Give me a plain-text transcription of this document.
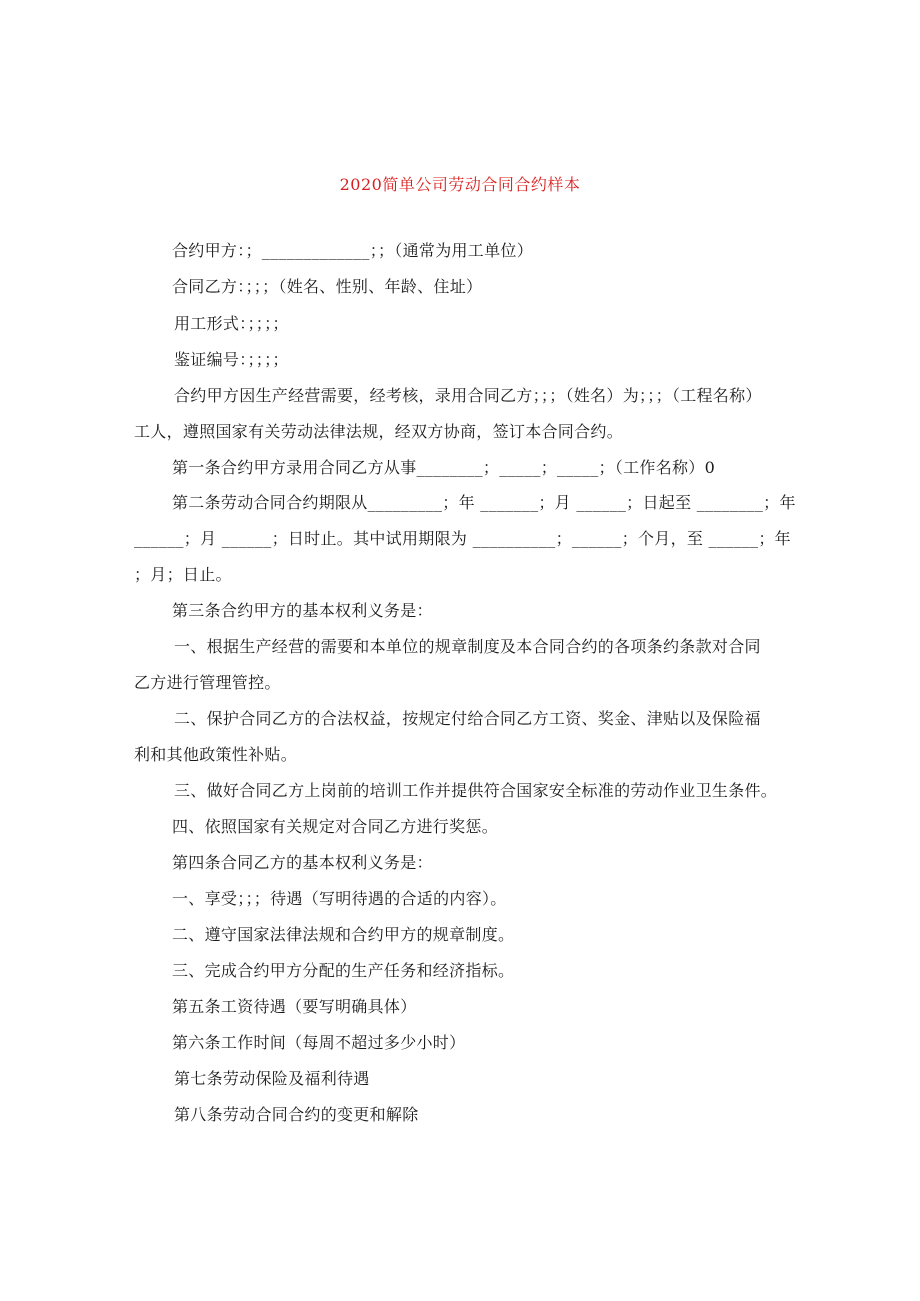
2020简单公司劳动合同合约样本
合约甲方：；_____________；；（通常为用工单位）
合同乙方：；；；（姓名、性别、年龄、住址）
用工形式：；；；；
鉴证编号：；；；；
合约甲方因生产经营需要，经考核，录用合同乙方；；；（姓名）为；；；（工程名称）
工人，遵照国家有关劳动法律法规，经双方协商，签订本合同合约。
第一条合约甲方录用合同乙方从事________；_____；_____；（工作名称）0
第二条劳动合同合约期限从_________；年 _______；月 ______；日起至 ________；年
______；月 ______；日时止。其中试用期限为 __________；______；个月，至 ______；年
；月；日止。
第三条合约甲方的基本权利义务是：
一、根据生产经营的需要和本单位的规章制度及本合同合约的各项条约条款对合同
乙方进行管理管控。
二、保护合同乙方的合法权益，按规定付给合同乙方工资、奖金、津贴以及保险福
利和其他政策性补贴。
三、做好合同乙方上岗前的培训工作并提供符合国家安全标准的劳动作业卫生条件。
四、依照国家有关规定对合同乙方进行奖惩。
第四条合同乙方的基本权利义务是：
一、享受；；；待遇（写明待遇的合适的内容）。
二、遵守国家法律法规和合约甲方的规章制度。
三、完成合约甲方分配的生产任务和经济指标。
第五条工资待遇（要写明确具体）
第六条工作时间（每周不超过多少小时）
第七条劳动保险及福利待遇
第八条劳动合同合约的变更和解除
